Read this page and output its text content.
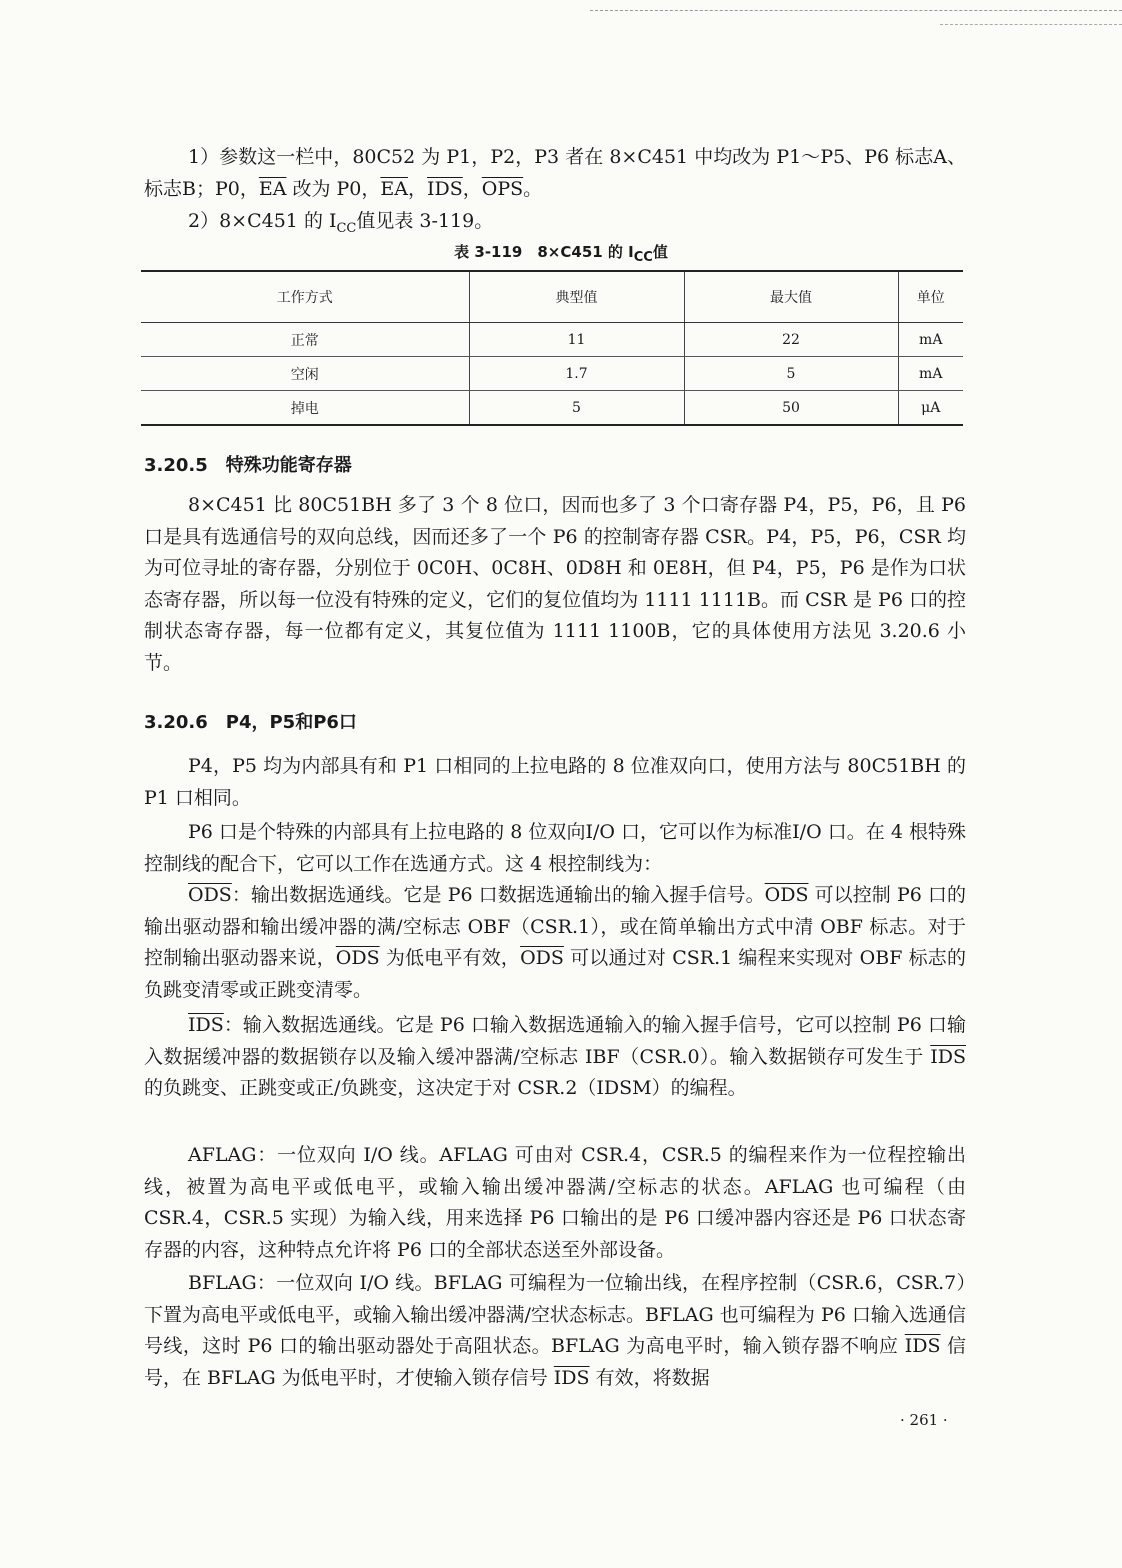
1）参数这一栏中，80C52 为 P1，P2，P3 者在 8×C451 中均改为 P1～P5、P6 标志A、标志B；P0，$\overline{EA}$ 改为 P0，$\overline{EA}$，$\overline{IDS}$，$\overline{OPS}$。

2）8×C451 的 $I_{CC}$值见表 3-119。

表 3-119　8×C451 的 $I_{CC}$值
工作方式	典型值	最大值	单位
正常	11	22	mA
空闲	1.7	5	mA
掉电	5	50	μA
3.20.5　特殊功能寄存器

8×C451 比 80C51BH 多了 3 个 8 位口，因而也多了 3 个口寄存器 P4，P5，P6，且 P6 口是具有选通信号的双向总线，因而还多了一个 P6 的控制寄存器 CSR。P4，P5，P6，CSR 均为可位寻址的寄存器，分别位于 0C0H、0C8H、0D8H 和 0E8H，但 P4，P5，P6 是作为口状态寄存器，所以每一位没有特殊的定义，它们的复位值均为 1111 1111B。而 CSR 是 P6 口的控制状态寄存器，每一位都有定义，其复位值为 1111 1100B，它的具体使用方法见 3.20.6 小节。

3.20.6　P4，P5和P6口

P4，P5 均为内部具有和 P1 口相同的上拉电路的 8 位准双向口，使用方法与 80C51BH 的 P1 口相同。

P6 口是个特殊的内部具有上拉电路的 8 位双向I/O 口，它可以作为标准I/O 口。在 4 根特殊控制线的配合下，它可以工作在选通方式。这 4 根控制线为：

$\overline{ODS}$：输出数据选通线。它是 P6 口数据选通输出的输入握手信号。$\overline{ODS}$ 可以控制 P6 口的输出驱动器和输出缓冲器的满/空标志 OBF（CSR.1），或在简单输出方式中清 OBF 标志。对于控制输出驱动器来说，$\overline{ODS}$ 为低电平有效，$\overline{ODS}$ 可以通过对 CSR.1 编程来实现对 OBF 标志的负跳变清零或正跳变清零。

$\overline{IDS}$：输入数据选通线。它是 P6 口输入数据选通输入的输入握手信号，它可以控制 P6 口输入数据缓冲器的数据锁存以及输入缓冲器满/空标志 IBF（CSR.0）。输入数据锁存可发生于 $\overline{IDS}$ 的负跳变、正跳变或正/负跳变，这决定于对 CSR.2（IDSM）的编程。

AFLAG：一位双向 I/O 线。AFLAG 可由对 CSR.4，CSR.5 的编程来作为一位程控输出线，被置为高电平或低电平，或输入输出缓冲器满/空标志的状态。AFLAG 也可编程（由 CSR.4，CSR.5 实现）为输入线，用来选择 P6 口输出的是 P6 口缓冲器内容还是 P6 口状态寄存器的内容，这种特点允许将 P6 口的全部状态送至外部设备。

BFLAG：一位双向 I/O 线。BFLAG 可编程为一位输出线，在程序控制（CSR.6，CSR.7）下置为高电平或低电平，或输入输出缓冲器满/空状态标志。BFLAG 也可编程为 P6 口输入选通信号线，这时 P6 口的输出驱动器处于高阻状态。BFLAG 为高电平时，输入锁存器不响应 $\overline{IDS}$ 信号，在 BFLAG 为低电平时，才使输入锁存信号 $\overline{IDS}$ 有效，将数据

· 261 ·
